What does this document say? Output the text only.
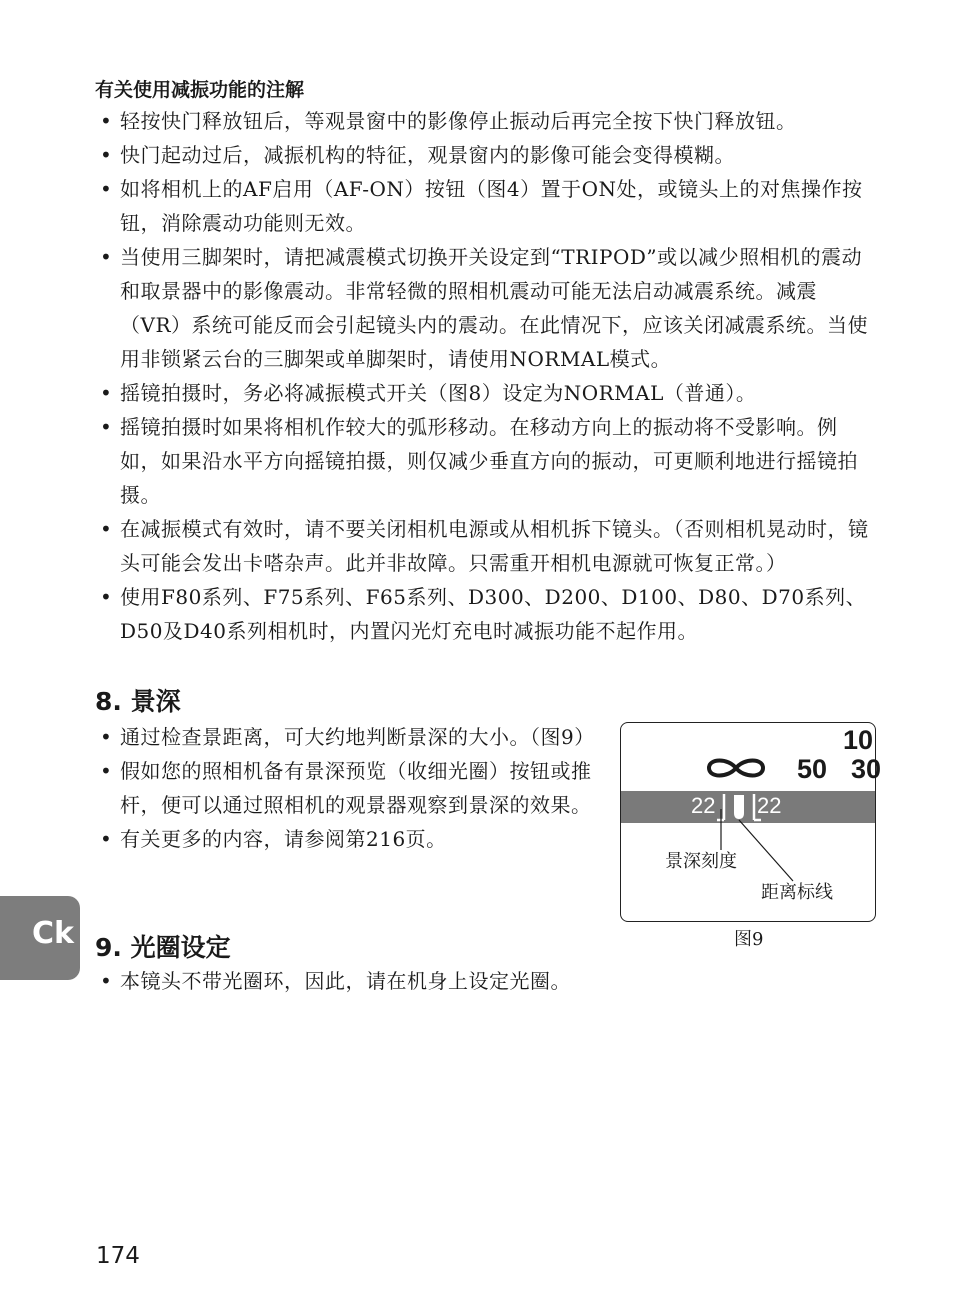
有关使用减振功能的注解
• 轻按快门释放钮后，等观景窗中的影像停止振动后再完全按下快门释放钮。
• 快门起动过后，减振机构的特征，观景窗内的影像可能会变得模糊。
• 如将相机上的AF启用（AF-ON）按钮（图4）置于ON处，或镜头上的对焦操作按钮，消除震动功能则无效。
• 当使用三脚架时，请把减震模式切换开关设定到“TRIPOD”或以减少照相机的震动和取景器中的影像震动。非常轻微的照相机震动可能无法启动减震系统。减震（VR）系统可能反而会引起镜头内的震动。在此情况下，应该关闭减震系统。当使用非锁紧云台的三脚架或单脚架时，请使用NORMAL模式。
• 摇镜拍摄时，务必将减振模式开关（图8）设定为NORMAL（普通）。
• 摇镜拍摄时如果将相机作较大的弧形移动。在移动方向上的振动将不受影响。例如，如果沿水平方向摇镜拍摄，则仅减少垂直方向的振动，可更顺利地进行摇镜拍摄。
• 在减振模式有效时，请不要关闭相机电源或从相机拆下镜头。（否则相机晃动时，镜头可能会发出卡嗒杂声。此并非故障。只需重开相机电源就可恢复正常。）
• 使用F80系列、F75系列、F65系列、D300、D200、D100、D80、D70系列、D50及D40系列相机时，内置闪光灯充电时减振功能不起作用。
8. 景深
• 通过检查景距离，可大约地判断景深的大小。（图9）
• 假如您的照相机备有景深预览（收细光圈）按钮或推杆，便可以通过照相机的观景器观察到景深的效果。
• 有关更多的内容，请参阅第216页。
10
50 30
22 22
景深刻度
距离标线
图9
9. 光圈设定
• 本镜头不带光圈环，因此，请在机身上设定光圈。
Ck
174
